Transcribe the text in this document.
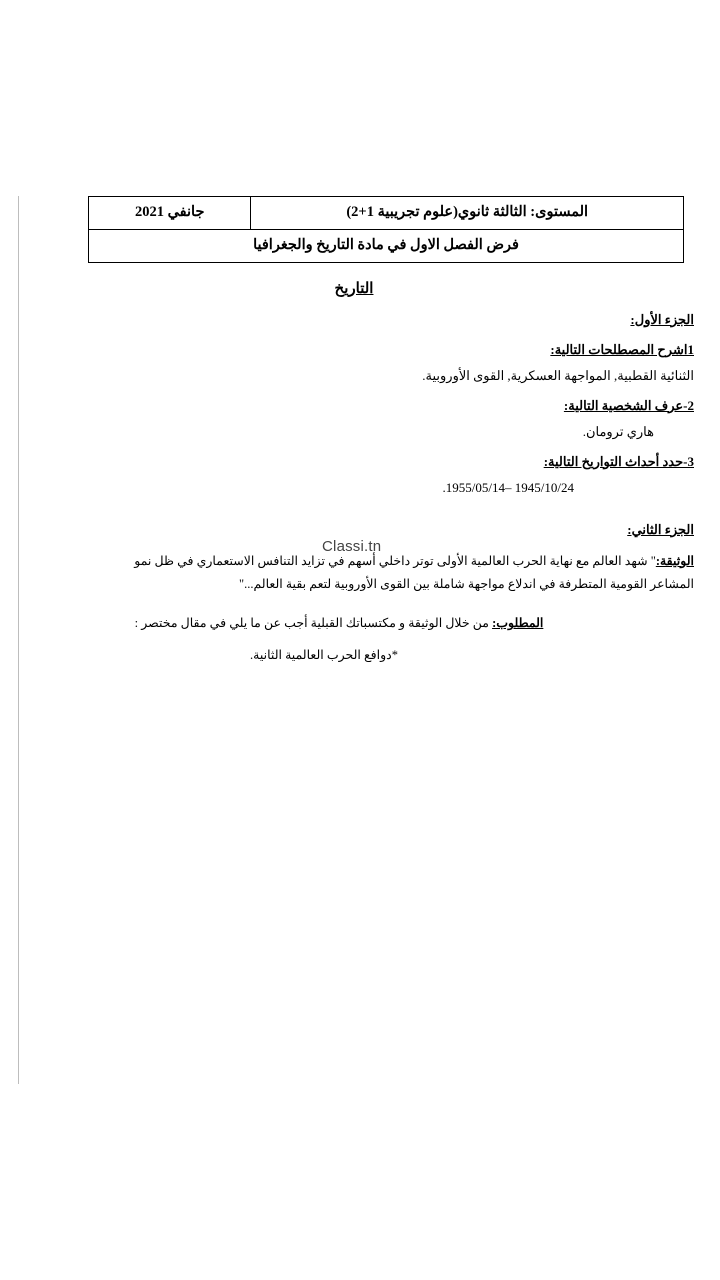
المستوى: الثالثة ثانوي(علوم تجريبية 1+2)	جانفي 2021
فرض الفصل الاول في مادة التاريخ والجغرافيا
التاريخ
الجزء الأول:
1اشرح المصطلحات التالية:
الثنائية القطبية, المواجهة العسكرية, القوى الأوروبية.
2-عرف الشخصية التالية:
هاري ترومان.
3-حدد أحداث التواريخ التالية:
1945/10/24 –1955/05/14.
الجزء الثاني:
الوثيقة:" شهد العالم مع نهاية الحرب العالمية الأولى توتر داخلي أسهم في تزايد التنافس الاستعماري في ظل نمو
المشاعر القومية المتطرفة في اندلاع مواجهة شاملة بين القوى الأوروبية لتعم بقية العالم..."
المطلوب: من خلال الوثيقة و مكتسباتك القبلية أجب عن ما يلي في مقال مختصر :
*دوافع الحرب العالمية الثانية.
Classi.tn
